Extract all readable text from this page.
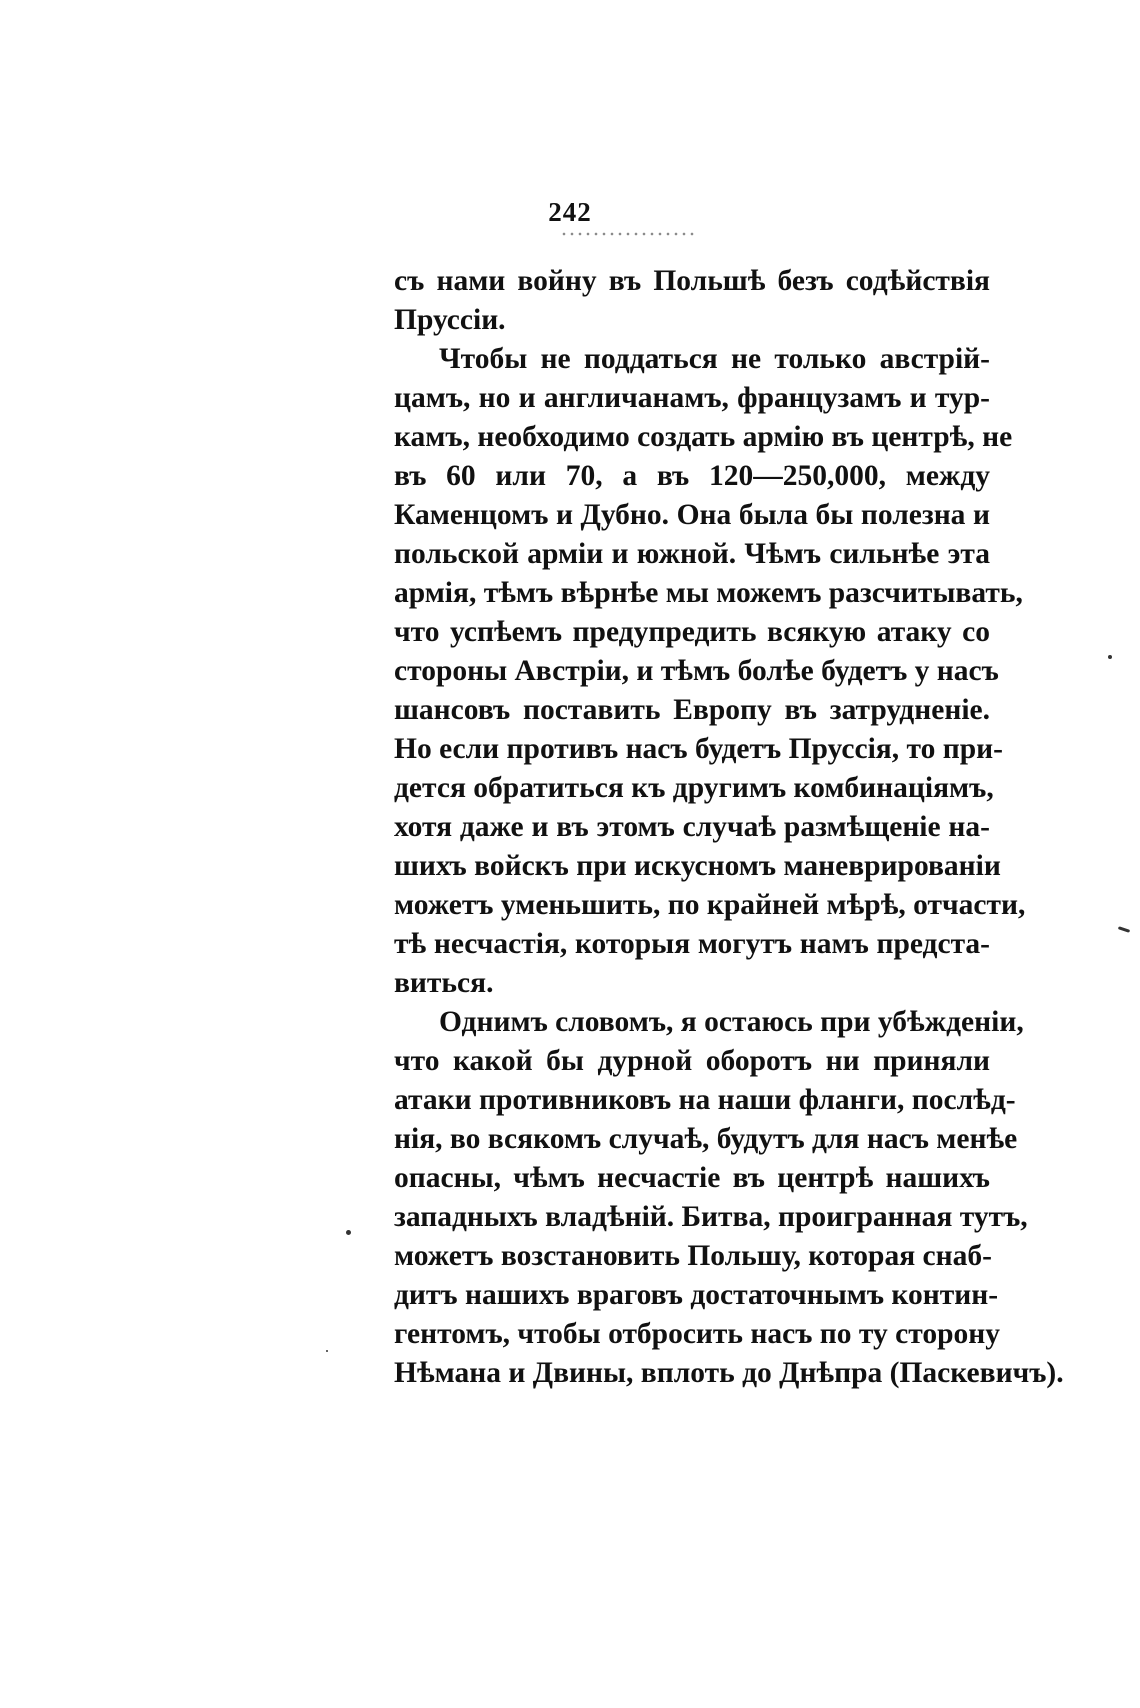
242
съ нами войну въ Польшѣ безъ содѣйствія
Пруссіи.
Чтобы не поддаться не только австрій-
цамъ, но и англичанамъ, французамъ и тур-
камъ, необходимо создать армію въ центрѣ, не
въ 60 или 70, а въ 120—250,000, между
Каменцомъ и Дубно. Она была бы полезна и
польской арміи и южной. Чѣмъ сильнѣе эта
армія, тѣмъ вѣрнѣе мы можемъ разсчитывать,
что успѣемъ предупредить всякую атаку со
стороны Австріи, и тѣмъ болѣе будетъ у насъ
шансовъ поставить Европу въ затрудненіе.
Но если противъ насъ будетъ Пруссія, то при-
дется обратиться къ другимъ комбинаціямъ,
хотя даже и въ этомъ случаѣ размѣщеніе на-
шихъ войскъ при искусномъ маневрированіи
можетъ уменьшить, по крайней мѣрѣ, отчасти,
тѣ несчастія, которыя могутъ намъ предста-
виться.
Однимъ словомъ, я остаюсь при убѣжденіи,
что какой бы дурной оборотъ ни приняли
атаки противниковъ на наши фланги, послѣд-
нія, во всякомъ случаѣ, будутъ для насъ менѣе
опасны, чѣмъ несчастіе въ центрѣ нашихъ
западныхъ владѣній. Битва, проигранная тутъ,
можетъ возстановить Польшу, которая снаб-
дитъ нашихъ враговъ достаточнымъ контин-
гентомъ, чтобы отбросить насъ по ту сторону
Нѣмана и Двины, вплоть до Днѣпра (Паскевичъ).
